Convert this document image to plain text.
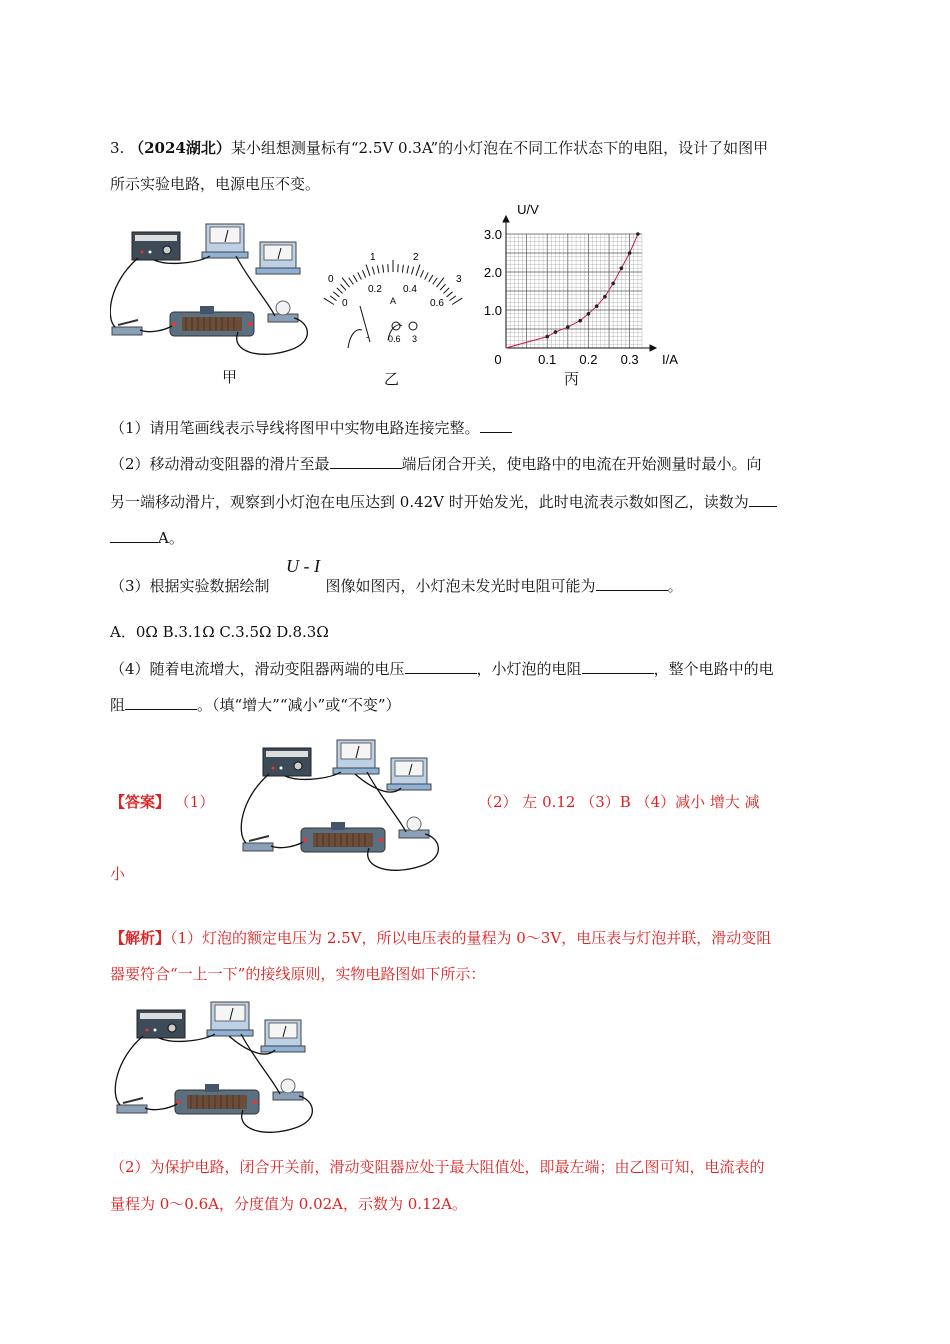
3. （2024湖北）某小组想测量标有“2.5V 0.3A”的小灯泡在不同工作状态下的电阻，设计了如图甲
所示实验电路，电源电压不变。
甲
0
1	2
3
0
0.2 0.4
0.6
A
- 0.6 3
乙
0.1 0.2 0.3
1.0
2.0
3.0
0	I/A
U/V
丙
（1）请用笔画线表示导线将图甲中实物电路连接完整。
（2）移动滑动变阻器的滑片至最	端后闭合开关，使电路中的电流在开始测量时最小。向
另一端移动滑片，观察到小灯泡在电压达到 0.42V 时开始发光，此时电流表示数如图乙，读数为
A。
（3）根据实验数据绘制	图像如图丙，小灯泡未发光时电阻可能为	。
U - I
A．0Ω B.3.1Ω C.3.5Ω D.8.3Ω
（4）随着电流增大，滑动变阻器两端的电压	，小灯泡的电阻	，整个电路中的电
阻	。（填“增大”“减小”或“不变”）
【答案】 （1）	（2） 左 0.12 （3）B （4）减小 增大 减
小
【解析】（1）灯泡的额定电压为 2.5V，所以电压表的量程为 0～3V，电压表与灯泡并联，滑动变阻
器要符合“一上一下”的接线原则，实物电路图如下所示：
（2）为保护电路，闭合开关前，滑动变阻器应处于最大阻值处，即最左端；由乙图可知，电流表的
量程为 0～0.6A，分度值为 0.02A，示数为 0.12A。
